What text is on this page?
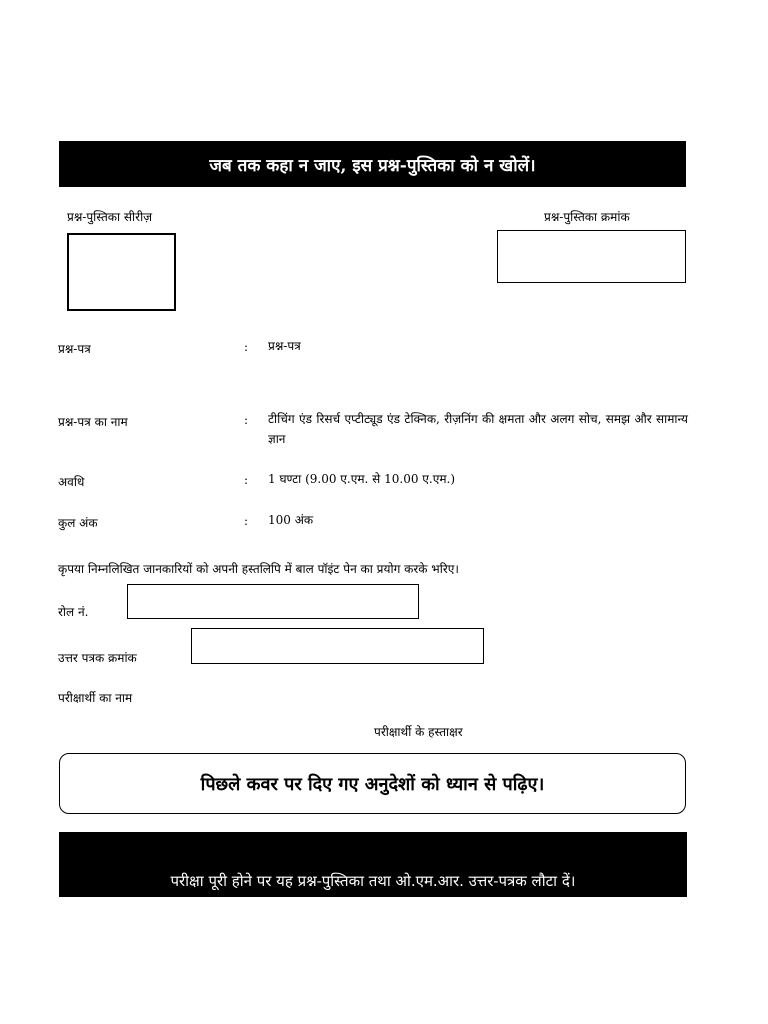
जब तक कहा न जाए, इस प्रश्न-पुस्तिका को न खोलें।
प्रश्न-पुस्तिका सीरीज़	प्रश्न-पुस्तिका क्रमांक
प्रश्न-पत्र	: प्रश्न-पत्र
प्रश्न-पत्र का नाम	: टीचिंग एंड रिसर्च एप्टीट्यूड एंड टेक्निक, रीज़निंग की क्षमता और अलग सोच, समझ और सामान्य ज्ञान
अवधि	: 1 घण्टा (9.00 ए.एम. से 10.00 ए.एम.)
कुल अंक	: 100 अंक
कृपया निम्नलिखित जानकारियों को अपनी हस्तलिपि में बाल पॉइंट पेन का प्रयोग करके भरिए।
रोल नं.
उत्तर पत्रक क्रमांक
परीक्षार्थी का नाम
परीक्षार्थी के हस्ताक्षर
पिछले कवर पर दिए गए अनुदेशों को ध्यान से पढ़िए।
परीक्षा पूरी होने पर यह प्रश्न-पुस्तिका तथा ओ.एम.आर. उत्तर-पत्रक लौटा दें।
